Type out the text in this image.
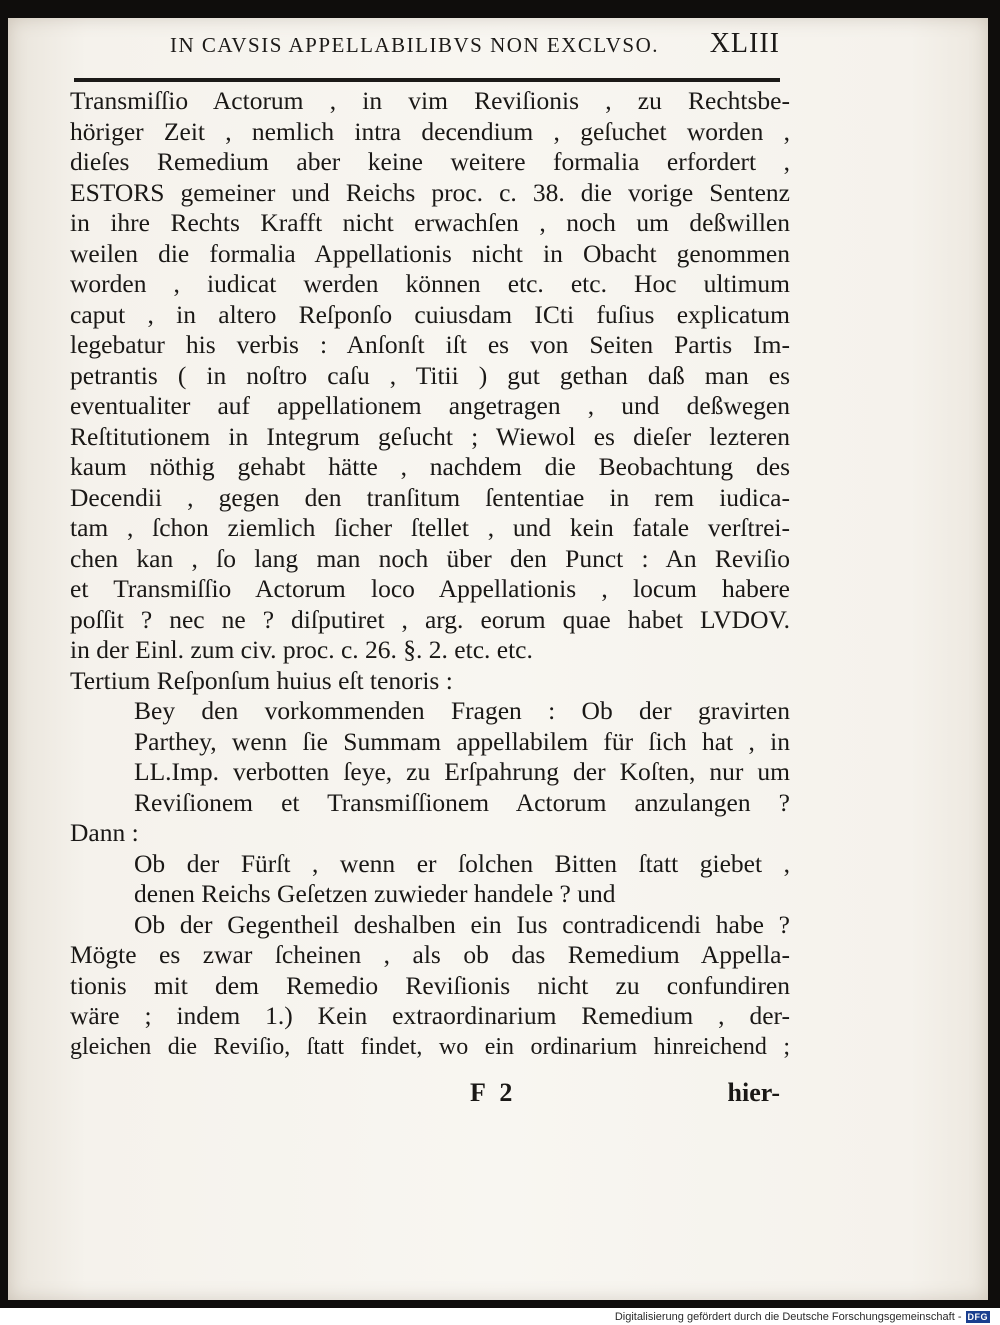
IN CAVSIS APPELLABILIBVS NON EXCLVSO. XLIII
Transmiſſio Actorum , in vim Reviſionis , zu Rechtsbe-
höriger Zeit , nemlich intra decendium , geſuchet worden ,
dieſes Remedium aber keine weitere formalia erfordert ,
ESTORS gemeiner und Reichs proc. c. 38. die vorige Sentenz
in ihre Rechts Krafft nicht erwachſen , noch um deßwillen
weilen die formalia Appellationis nicht in Obacht genommen
worden , iudicat werden können etc. etc. Hoc ultimum
caput , in altero Reſponſo cuiusdam ICti fuſius explicatum
legebatur his verbis : Anſonſt iſt es von Seiten Partis Im-
petrantis ( in noſtro caſu , Titii ) gut gethan daß man es
eventualiter auf appellationem angetragen , und deßwegen
Reſtitutionem in Integrum geſucht ; Wiewol es dieſer lezteren
kaum nöthig gehabt hätte , nachdem die Beobachtung des
Decendii , gegen den tranſitum ſententiae in rem iudica-
tam , ſchon ziemlich ſicher ſtellet , und kein fatale verſtrei-
chen kan , ſo lang man noch über den Punct : An Reviſio
et Transmiſſio Actorum loco Appellationis , locum habere
poſſit ? nec ne ? diſputiret , arg. eorum quae habet LVDOV.
in der Einl. zum civ. proc. c. 26. §. 2. etc. etc.
Tertium Reſponſum huius eſt tenoris :
Bey den vorkommenden Fragen : Ob der gravirten
Parthey, wenn ſie Summam appellabilem für ſich hat , in
LL.Imp. verbotten ſeye, zu Erſpahrung der Koſten, nur um
Reviſionem et Transmiſſionem Actorum anzulangen ?
Dann :
Ob der Fürſt , wenn er ſolchen Bitten ſtatt giebet ,
denen Reichs Geſetzen zuwieder handele ? und
Ob der Gegentheil deshalben ein Ius contradicendi habe ?
Mögte es zwar ſcheinen , als ob das Remedium Appella-
tionis mit dem Remedio Reviſionis nicht zu confundiren
wäre ; indem 1.) Kein extraordinarium Remedium , der-
gleichen die Reviſio, ſtatt findet, wo ein ordinarium hinreichend ;
F 2	hier-
Digitalisierung gefördert durch die Deutsche Forschungsgemeinschaft - DFG
